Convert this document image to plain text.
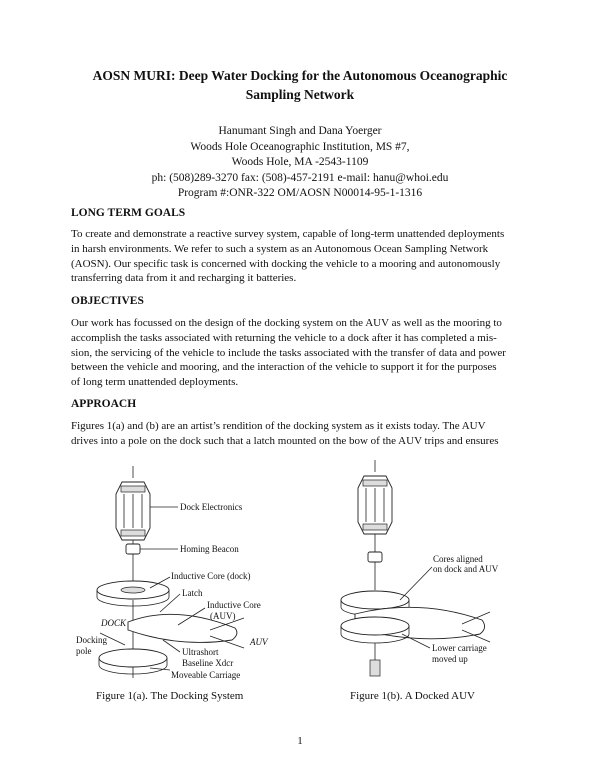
AOSN MURI: Deep Water Docking for the Autonomous Oceanographic
Sampling Network
Hanumant Singh and Dana Yoerger
Woods Hole Oceanographic Institution, MS #7,
Woods Hole, MA -2543-1109
ph: (508)289-3270 fax: (508)-457-2191 e-mail: hanu@whoi.edu
Program #:ONR-322 OM/AOSN N00014-95-1-1316
LONG TERM GOALS
To create and demonstrate a reactive survey system, capable of long-term unattended deployments
in harsh environments. We refer to such a system as an Autonomous Ocean Sampling Network
(AOSN). Our specific task is concerned with docking the vehicle to a mooring and autonomously
transferring data from it and recharging it batteries.
OBJECTIVES
Our work has focussed on the design of the docking system on the AUV as well as the mooring to
accomplish the tasks associated with returning the vehicle to a dock after it has completed a mis-
sion, the servicing of the vehicle to include the tasks associated with the transfer of data and power
between the vehicle and mooring, and the interaction of the vehicle to support it for the purposes
of long term unattended deployments.
APPROACH
Figures 1(a) and (b) are an artist’s rendition of the docking system as it exists today. The AUV
drives into a pole on the dock such that a latch mounted on the bow of the AUV trips and ensures
Dock Electronics
Homing Beacon
Inductive Core (dock)
Latch
Inductive Core
(AUV)
DOCK
AUV
Docking
pole	Ultrashort
Baseline Xdcr
Moveable Carriage
Figure 1(a). The Docking System
Cores aligned
on dock and AUV
Lower carriage
moved up
Figure 1(b). A Docked AUV
1
